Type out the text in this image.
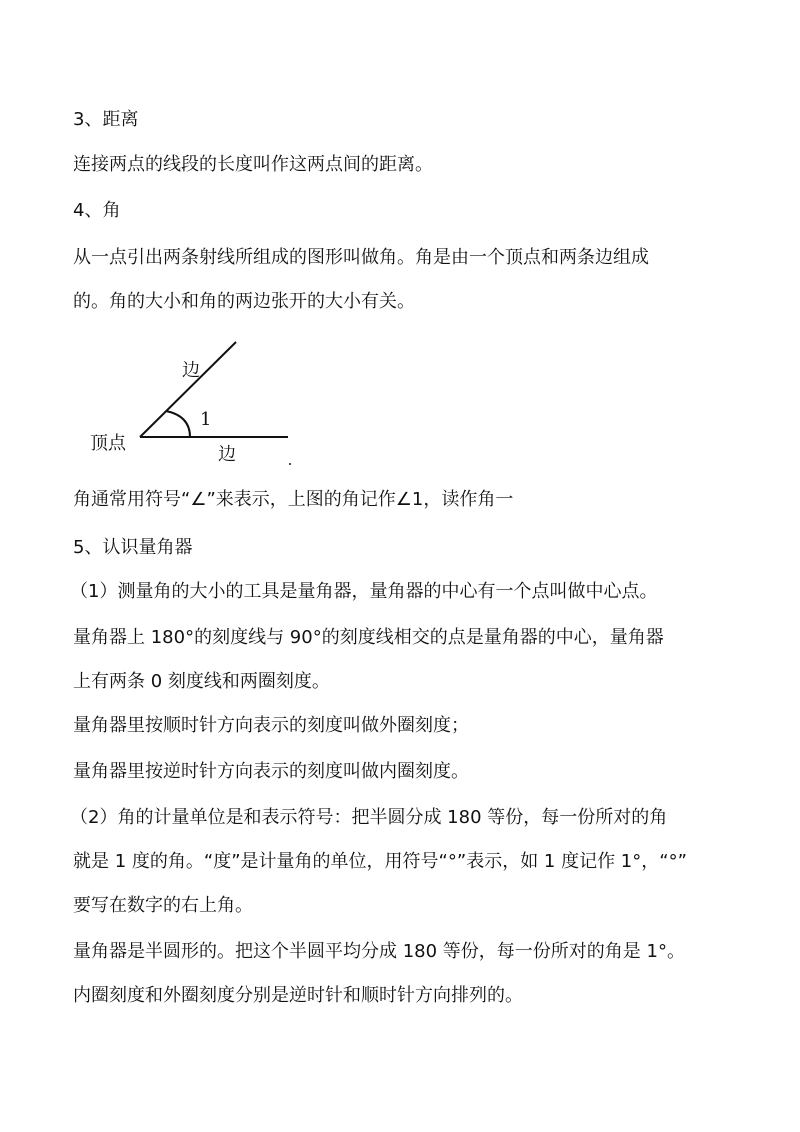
3、距离
连接两点的线段的长度叫作这两点间的距离。
4、角
从一点引出两条射线所组成的图形叫做角。角是由一个顶点和两条边组成
的。角的大小和角的两边张开的大小有关。
边
1
顶点
边
角通常用符号“∠”来表示，上图的角记作∠1，读作角一
5、认识量角器
（1）测量角的大小的工具是量角器，量角器的中心有一个点叫做中心点。
量角器上 180°的刻度线与 90°的刻度线相交的点是量角器的中心，量角器
上有两条 0 刻度线和两圈刻度。
量角器里按顺时针方向表示的刻度叫做外圈刻度；
量角器里按逆时针方向表示的刻度叫做内圈刻度。
（2）角的计量单位是和表示符号：把半圆分成 180 等份，每一份所对的角
就是 1 度的角。“度”是计量角的单位，用符号“°”表示，如 1 度记作 1°，“°”
要写在数字的右上角。
量角器是半圆形的。把这个半圆平均分成 180 等份，每一份所对的角是 1°。
内圈刻度和外圈刻度分别是逆时针和顺时针方向排列的。
